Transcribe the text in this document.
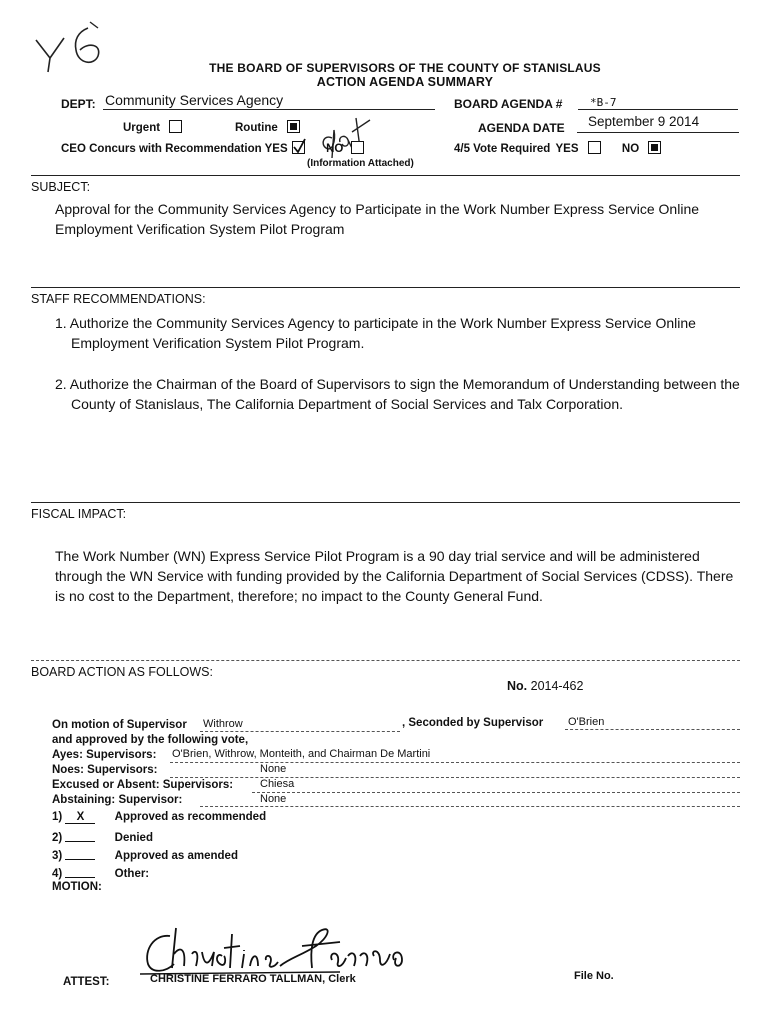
THE BOARD OF SUPERVISORS OF THE COUNTY OF STANISLAUS
ACTION AGENDA SUMMARY
DEPT: Community Services Agency	BOARD AGENDA #	*B-7
Urgent	Routine	AGENDA DATE September 9 2014
CEO Concurs with Recommendation YES	NO
(Information Attached)
4/5 Vote Required YES	NO
SUBJECT:
Approval for the Community Services Agency to Participate in the Work Number Express Service Online Employment Verification System Pilot Program
STAFF RECOMMENDATIONS:
1. Authorize the Community Services Agency to participate in the Work Number Express Service Online Employment Verification System Pilot Program.
2. Authorize the Chairman of the Board of Supervisors to sign the Memorandum of Understanding between the County of Stanislaus, The California Department of Social Services and Talx Corporation.
FISCAL IMPACT:
The Work Number (WN) Express Service Pilot Program is a 90 day trial service and will be administered through the WN Service with funding provided by the California Department of Social Services (CDSS). There is no cost to the Department, therefore; no impact to the County General Fund.
BOARD ACTION AS FOLLOWS:
No. 2014-462
On motion of Supervisor Withrow	, Seconded by Supervisor O'Brien
and approved by the following vote,
Ayes: Supervisors: O'Brien, Withrow, Monteith, and Chairman De Martini
Noes: Supervisors:	None
Excused or Absent: Supervisors: Chiesa
Abstaining: Supervisor:	None
1) X	Approved as recommended
2)	Denied
3)	Approved as amended
4)	Other:
MOTION:
ATTEST:	CHRISTINE FERRARO TALLMAN, Clerk	File No.
